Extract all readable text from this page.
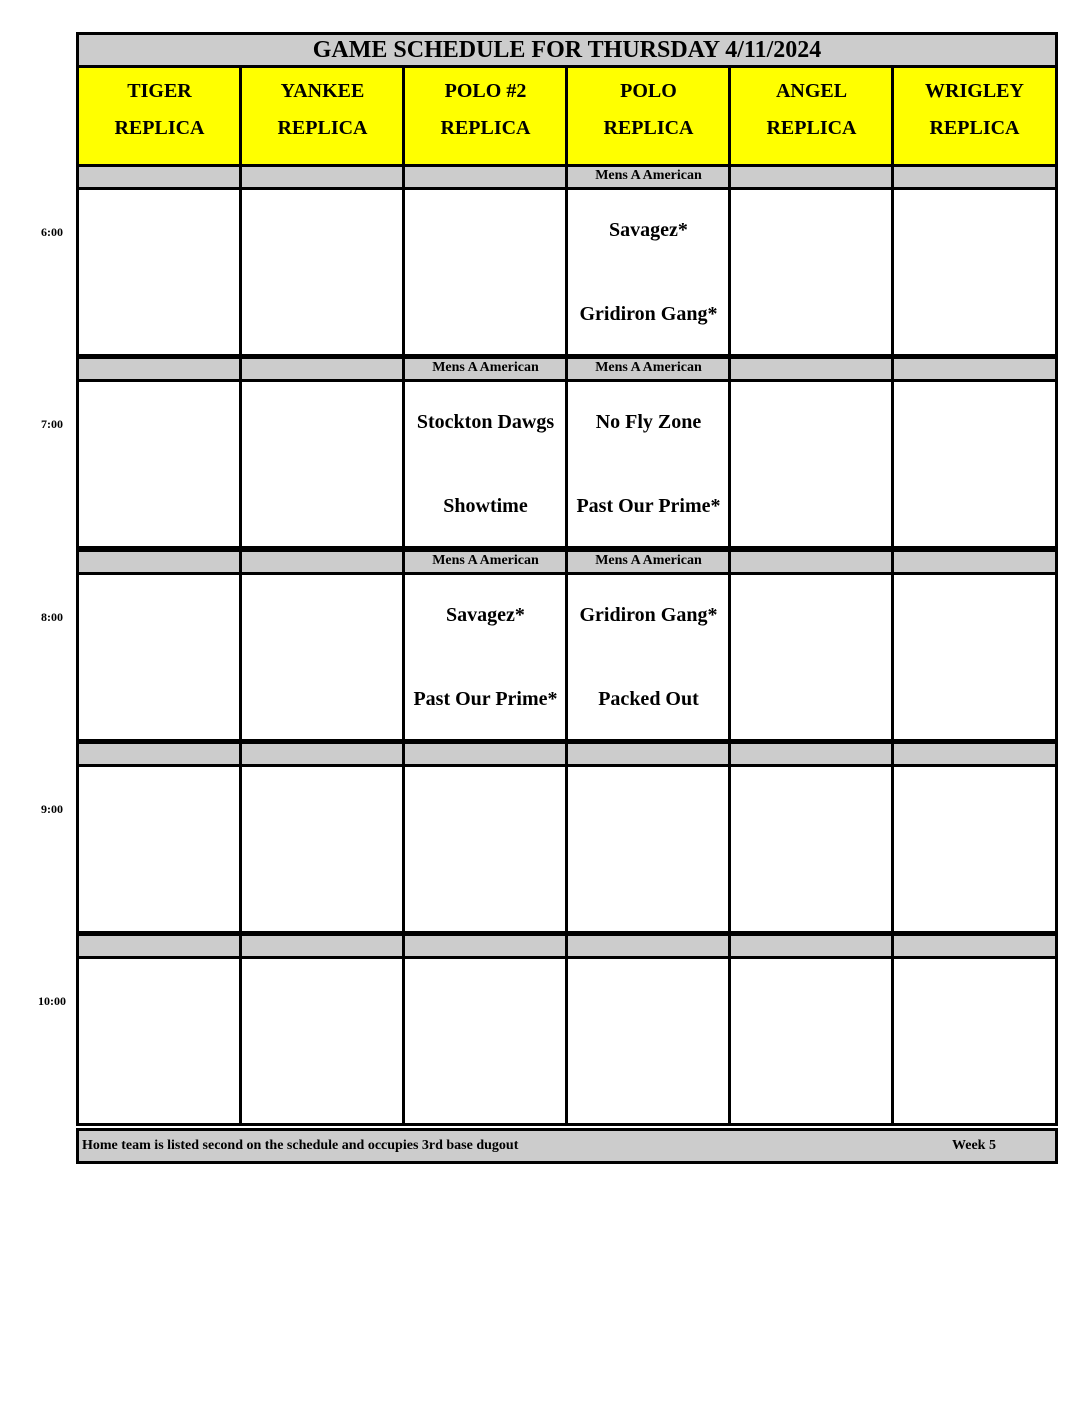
GAME SCHEDULE FOR THURSDAY 4/11/2024
TIGER
REPLICA
YANKEE
REPLICA
POLO #2
REPLICA
POLO
REPLICA
ANGEL
REPLICA
WRIGLEY
REPLICA
6:00
Mens A American
Savagez*
Gridiron Gang*
7:00
Mens A American
Stockton Dawgs
Showtime
Mens A American
No Fly Zone
Past Our Prime*
8:00
Mens A American
Savagez*
Past Our Prime*
Mens A American
Gridiron Gang*
Packed Out
9:00
10:00
Home team is listed second on the schedule and occupies 3rd base dugout	Week 5
